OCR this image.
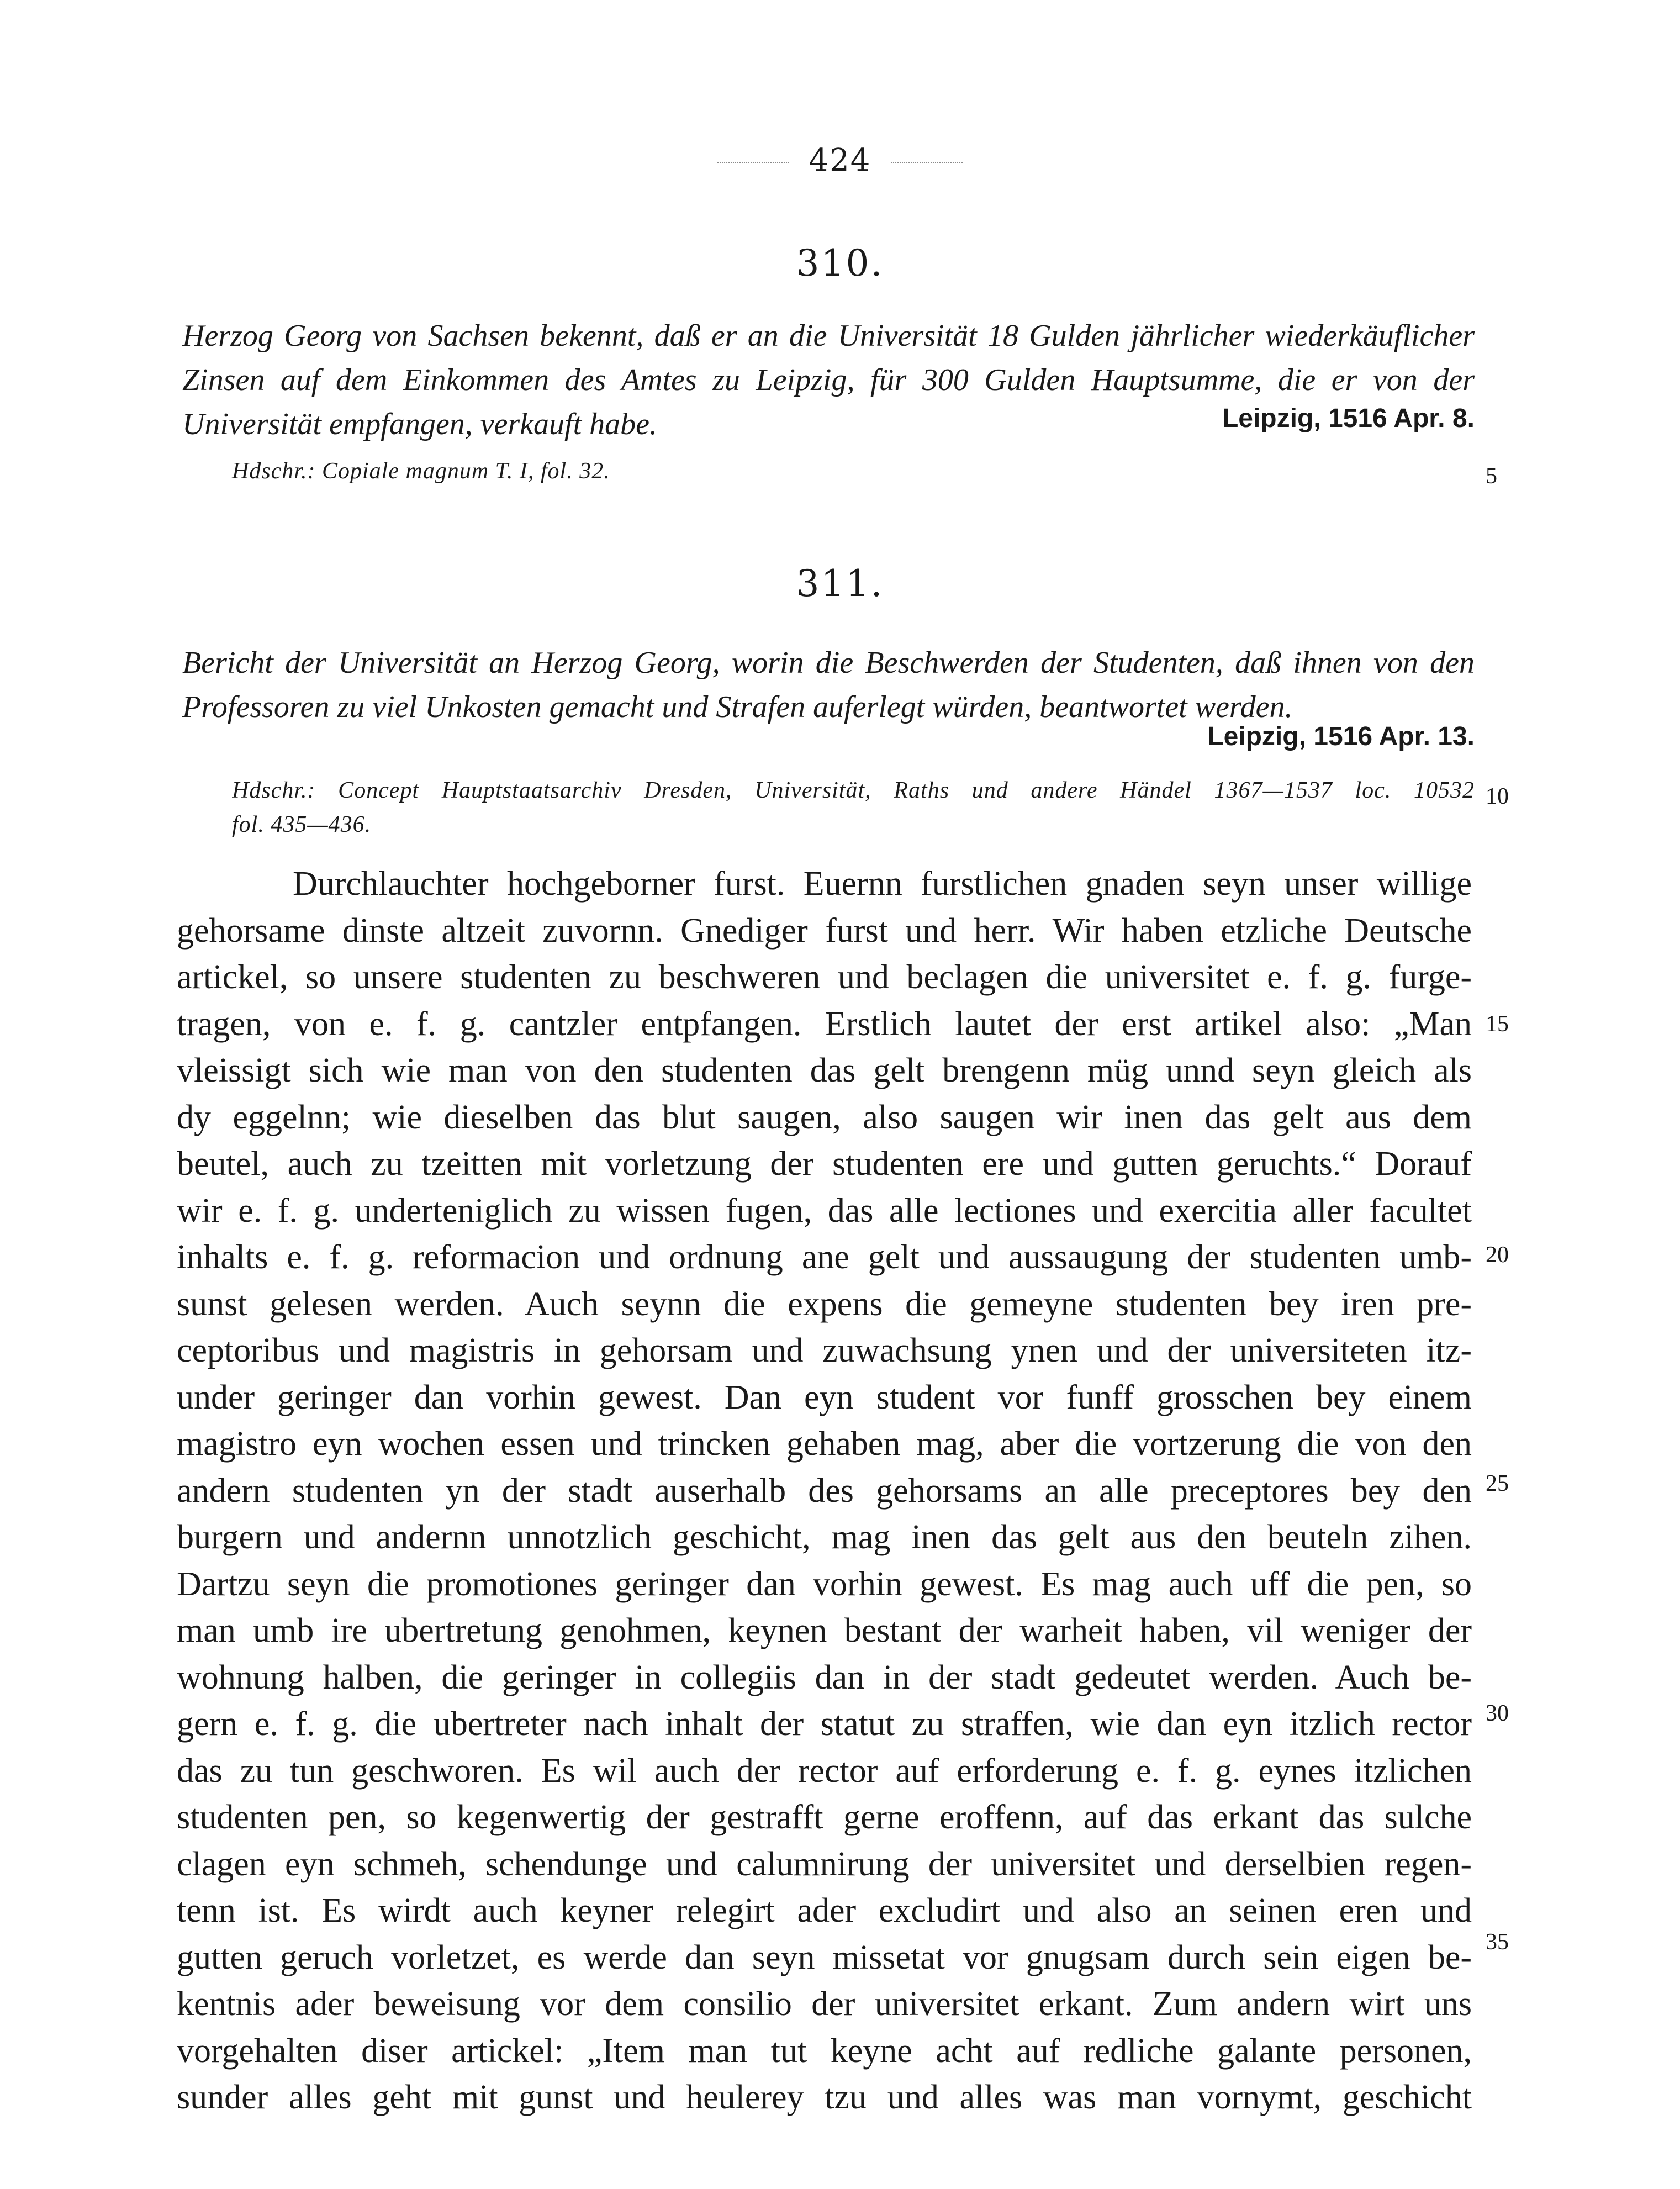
424
310.
Herzog Georg von Sachsen bekennt, daß er an die Universität 18 Gulden jährlicher wiederkäuflicher Zinsen auf dem Einkommen des Amtes zu Leipzig, für 300 Gulden Hauptsumme, die er von der Universität empfangen, verkauft habe.	Leipzig, 1516 Apr. 8.
Hdschr.: Copiale magnum T. I, fol. 32.
311.
Bericht der Universität an Herzog Georg, worin die Beschwerden der Studenten, daß ihnen von den Professoren zu viel Unkosten gemacht und Strafen auferlegt würden, beantwortet werden.
Leipzig, 1516 Apr. 13.
Hdschr.: Concept Hauptstaatsarchiv Dresden, Universität, Raths und andere Händel 1367—1537 loc. 10532
fol. 435—436.
5
10
15
20
25
30
35
Durchlauchter hochgeborner furst. Euernn furstlichen gnaden seyn unser willige
gehorsame dinste altzeit zuvornn. Gnediger furst und herr. Wir haben etzliche Deutsche
artickel, so unsere studenten zu beschweren und beclagen die universitet e. f. g. furge-
tragen, von e. f. g. cantzler entpfangen. Erstlich lautet der erst artikel also: „Man
vleissigt sich wie man von den studenten das gelt brengenn müg unnd seyn gleich als
dy eggelnn; wie dieselben das blut saugen, also saugen wir inen das gelt aus dem
beutel, auch zu tzeitten mit vorletzung der studenten ere und gutten geruchts.“ Dorauf
wir e. f. g. underteniglich zu wissen fugen, das alle lectiones und exercitia aller facultet
inhalts e. f. g. reformacion und ordnung ane gelt und aussaugung der studenten umb-
sunst gelesen werden. Auch seynn die expens die gemeyne studenten bey iren pre-
ceptoribus und magistris in gehorsam und zuwachsung ynen und der universiteten itz-
under geringer dan vorhin gewest. Dan eyn student vor funff grosschen bey einem
magistro eyn wochen essen und trincken gehaben mag, aber die vortzerung die von den
andern studenten yn der stadt auserhalb des gehorsams an alle preceptores bey den
burgern und andernn unnotzlich geschicht, mag inen das gelt aus den beuteln zihen.
Dartzu seyn die promotiones geringer dan vorhin gewest. Es mag auch uff die pen, so
man umb ire ubertretung genohmen, keynen bestant der warheit haben, vil weniger der
wohnung halben, die geringer in collegiis dan in der stadt gedeutet werden. Auch be-
gern e. f. g. die ubertreter nach inhalt der statut zu straffen, wie dan eyn itzlich rector
das zu tun geschworen. Es wil auch der rector auf erforderung e. f. g. eynes itzlichen
studenten pen, so kegenwertig der gestrafft gerne eroffenn, auf das erkant das sulche
clagen eyn schmeh, schendunge und calumnirung der universitet und derselbien regen-
tenn ist. Es wirdt auch keyner relegirt ader excludirt und also an seinen eren und
gutten geruch vorletzet, es werde dan seyn missetat vor gnugsam durch sein eigen be-
kentnis ader beweisung vor dem consilio der universitet erkant. Zum andern wirt uns
vorgehalten diser artickel: „Item man tut keyne acht auf redliche galante personen,
sunder alles geht mit gunst und heulerey tzu und alles was man vornymt, geschicht
